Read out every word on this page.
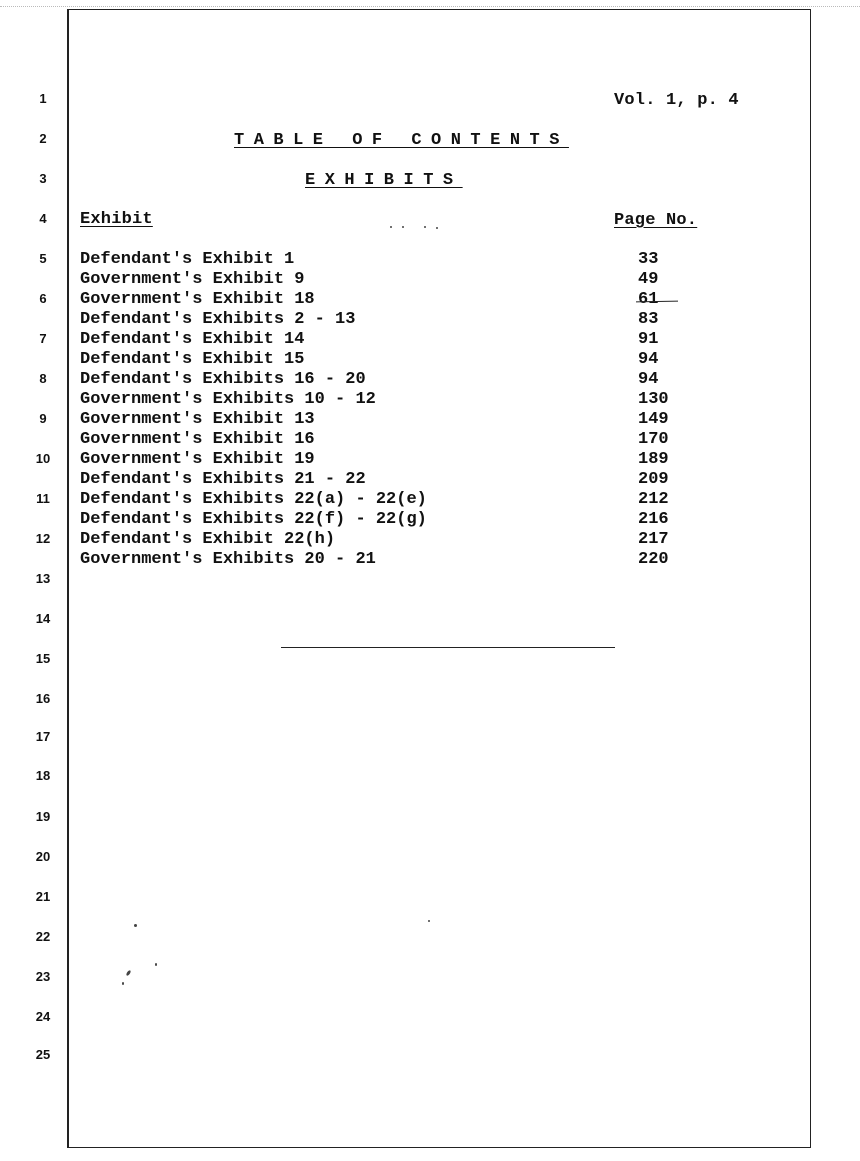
1
2
3
4
5
6
7
8
9
10
11
12
13
14
15
16
17
18
19
20
21
22
23
24
25
Vol. 1, p. 4
TABLE OF CONTENTS
EXHIBITS
Exhibit	Page No.
Defendant's Exhibit 1	33
Government's Exhibit 9	49
Government's Exhibit 18	61
Defendant's Exhibits 2 - 13	83
Defendant's Exhibit 14	91
Defendant's Exhibit 15	94
Defendant's Exhibits 16 - 20	94
Government's Exhibits 10 - 12	130
Government's Exhibit 13	149
Government's Exhibit 16	170
Government's Exhibit 19	189
Defendant's Exhibits 21 - 22	209
Defendant's Exhibits 22(a) - 22(e)	212
Defendant's Exhibits 22(f) - 22(g)	216
Defendant's Exhibit 22(h)	217
Government's Exhibits 20 - 21	220
